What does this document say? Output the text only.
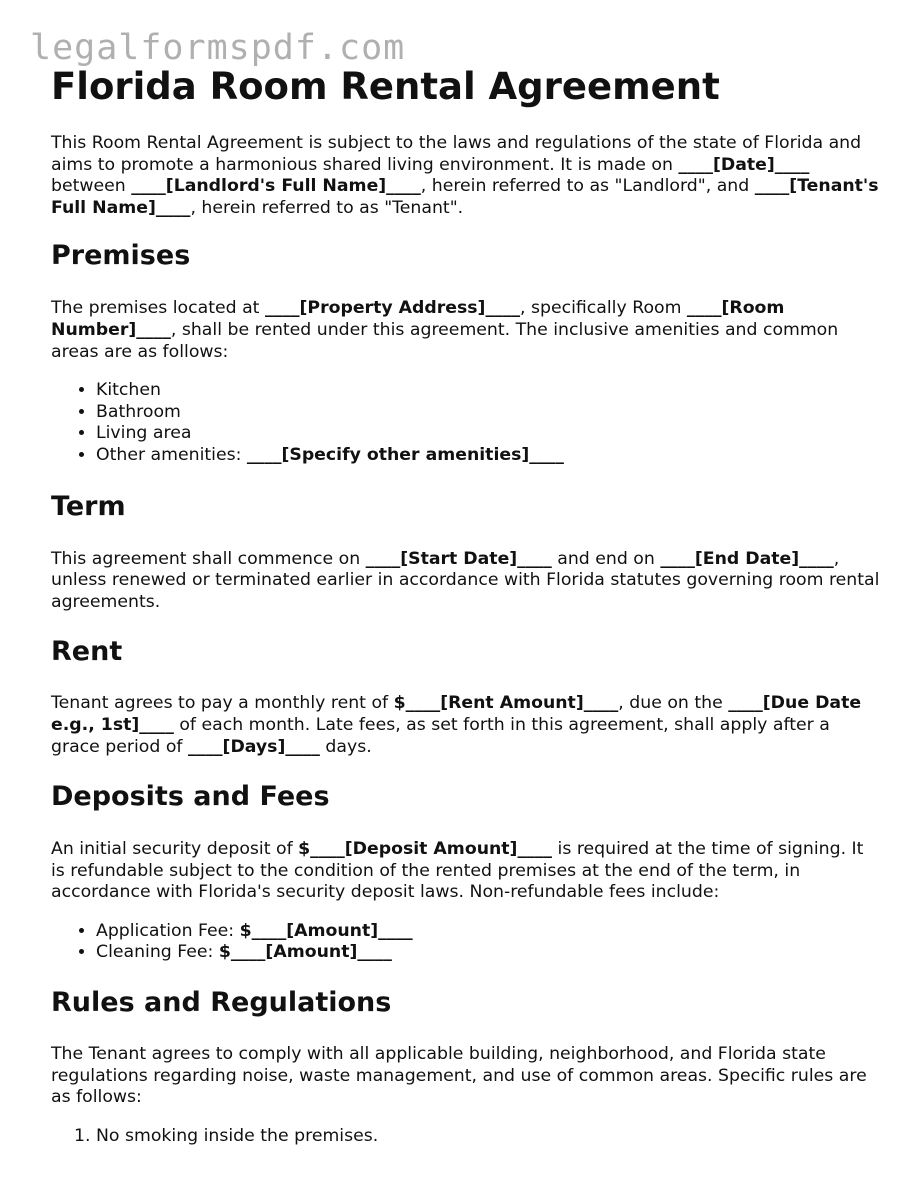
legalformspdf.com
Florida Room Rental Agreement

This Room Rental Agreement is subject to the laws and regulations of the state of Florida and aims to promote a harmonious shared living environment. It is made on ____[Date]____ between ____[Landlord's Full Name]____, herein referred to as "Landlord", and ____[Tenant's Full Name]____, herein referred to as "Tenant".

Premises

The premises located at ____[Property Address]____, specifically Room ____[Room Number]____, shall be rented under this agreement. The inclusive amenities and common areas are as follows:

• Kitchen
• Bathroom
• Living area
• Other amenities: ____[Specify other amenities]____
Term

This agreement shall commence on ____[Start Date]____ and end on ____[End Date]____, unless renewed or terminated earlier in accordance with Florida statutes governing room rental agreements.

Rent

Tenant agrees to pay a monthly rent of $____[Rent Amount]____, due on the ____[Due Date e.g., 1st]____ of each month. Late fees, as set forth in this agreement, shall apply after a grace period of ____[Days]____ days.

Deposits and Fees

An initial security deposit of $____[Deposit Amount]____ is required at the time of signing. It is refundable subject to the condition of the rented premises at the end of the term, in accordance with Florida's security deposit laws. Non-refundable fees include:

• Application Fee: $____[Amount]____
• Cleaning Fee: $____[Amount]____
Rules and Regulations

The Tenant agrees to comply with all applicable building, neighborhood, and Florida state regulations regarding noise, waste management, and use of common areas. Specific rules are as follows:

1. No smoking inside the premises.
